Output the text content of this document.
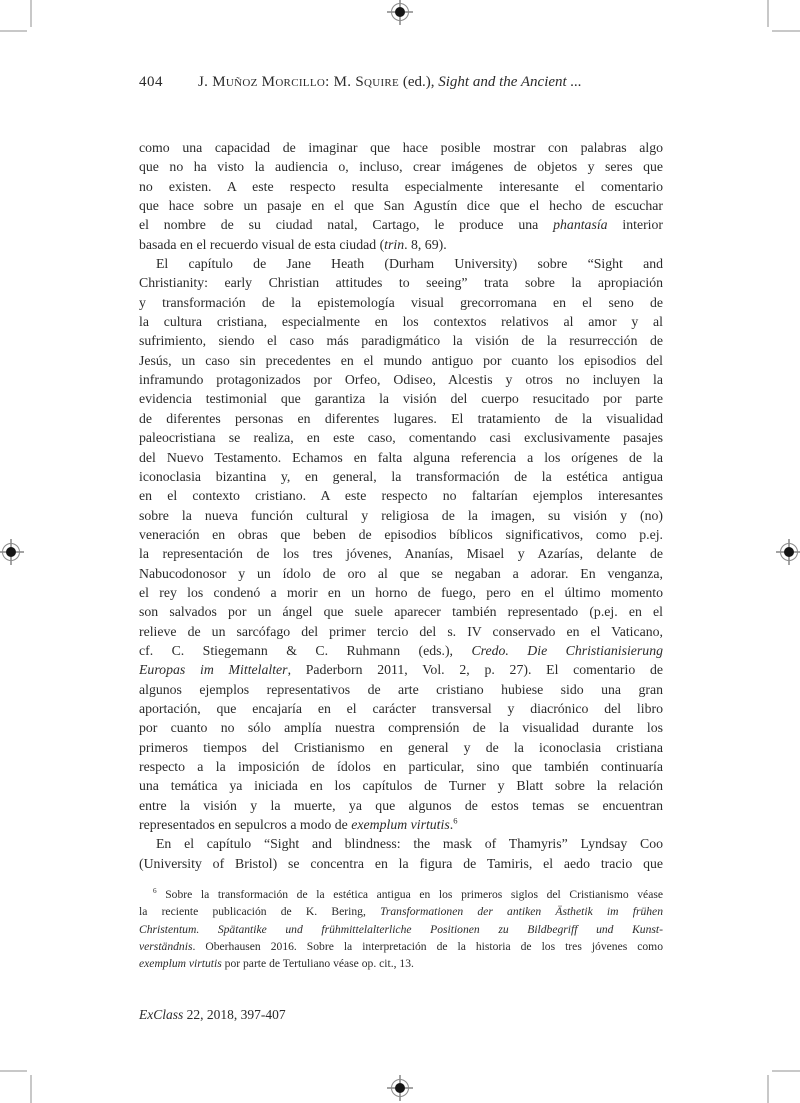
404 J. Muñoz Morcillo: M. Squire (ed.), Sight and the Ancient ...
como una capacidad de imaginar que hace posible mostrar con palabras algo
que no ha visto la audiencia o, incluso, crear imágenes de objetos y seres que
no existen. A este respecto resulta especialmente interesante el comentario
que hace sobre un pasaje en el que San Agustín dice que el hecho de escuchar
el nombre de su ciudad natal, Cartago, le produce una phantasía interior
basada en el recuerdo visual de esta ciudad (trin. 8, 69).
El capítulo de Jane Heath (Durham University) sobre “Sight and
Christianity: early Christian attitudes to seeing” trata sobre la apropiación
y transformación de la epistemología visual grecorromana en el seno de
la cultura cristiana, especialmente en los contextos relativos al amor y al
sufrimiento, siendo el caso más paradigmático la visión de la resurrección de
Jesús, un caso sin precedentes en el mundo antiguo por cuanto los episodios del
inframundo protagonizados por Orfeo, Odiseo, Alcestis y otros no incluyen la
evidencia testimonial que garantiza la visión del cuerpo resucitado por parte
de diferentes personas en diferentes lugares. El tratamiento de la visualidad
paleocristiana se realiza, en este caso, comentando casi exclusivamente pasajes
del Nuevo Testamento. Echamos en falta alguna referencia a los orígenes de la
iconoclasia bizantina y, en general, la transformación de la estética antigua
en el contexto cristiano. A este respecto no faltarían ejemplos interesantes
sobre la nueva función cultural y religiosa de la imagen, su visión y (no)
veneración en obras que beben de episodios bíblicos significativos, como p.ej.
la representación de los tres jóvenes, Ananías, Misael y Azarías, delante de
Nabucodonosor y un ídolo de oro al que se negaban a adorar. En venganza,
el rey los condenó a morir en un horno de fuego, pero en el último momento
son salvados por un ángel que suele aparecer también representado (p.ej. en el
relieve de un sarcófago del primer tercio del s. IV conservado en el Vaticano,
cf. C. Stiegemann & C. Ruhmann (eds.), Credo. Die Christianisierung
Europas im Mittelalter, Paderborn 2011, Vol. 2, p. 27). El comentario de
algunos ejemplos representativos de arte cristiano hubiese sido una gran
aportación, que encajaría en el carácter transversal y diacrónico del libro
por cuanto no sólo amplía nuestra comprensión de la visualidad durante los
primeros tiempos del Cristianismo en general y de la iconoclasia cristiana
respecto a la imposición de ídolos en particular, sino que también continuaría
una temática ya iniciada en los capítulos de Turner y Blatt sobre la relación
entre la visión y la muerte, ya que algunos de estos temas se encuentran
representados en sepulcros a modo de exemplum virtutis.$^6$
En el capítulo “Sight and blindness: the mask of Thamyris” Lyndsay Coo
(University of Bristol) se concentra en la figura de Tamiris, el aedo tracio que
$^6$ Sobre la transformación de la estética antigua en los primeros siglos del Cristianismo véase
la reciente publicación de K. Bering, Transformationen der antiken Ästhetik im frühen
Christentum. Spätantike und frühmittelalterliche Positionen zu Bildbegriff und Kunst-
verständnis. Oberhausen 2016. Sobre la interpretación de la historia de los tres jóvenes como
exemplum virtutis por parte de Tertuliano véase op. cit., 13.
ExClass 22, 2018, 397-407
